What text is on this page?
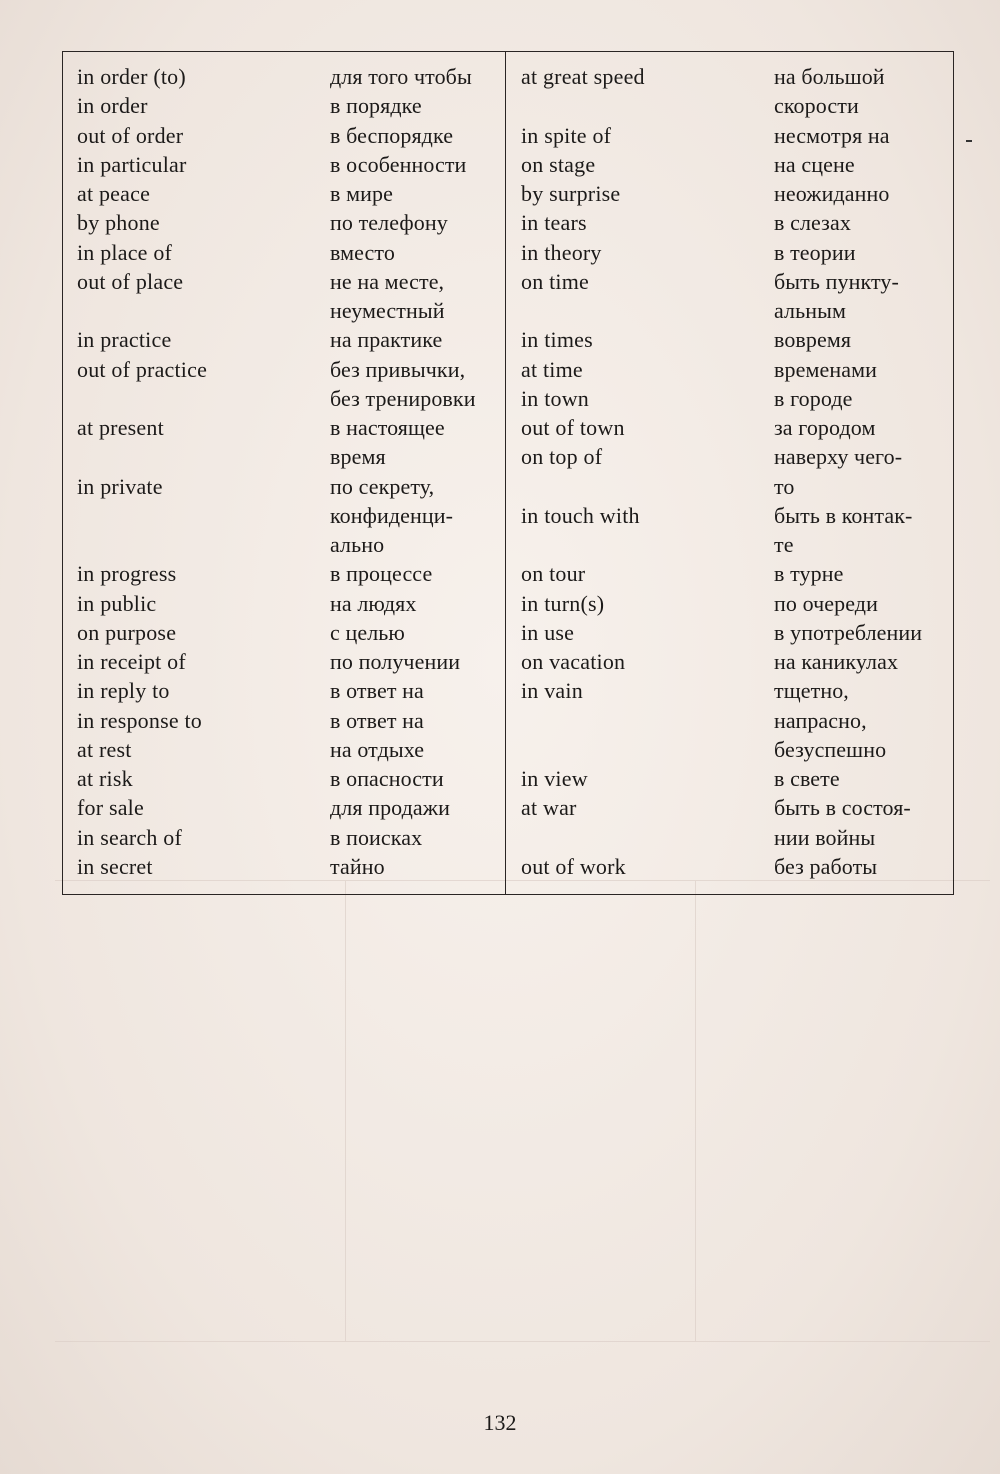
in order (to)	для того чтобы
in order	в порядке
out of order	в беспорядке
in particular	в особенности
at peace	в мире
by phone	по телефону
in place of	вместо
out of place	не на месте,
неуместный
in practice	на практике
out of practice	без привычки,
без тренировки
at present	в настоящее
время
in private	по секрету,
конфиденци-
ально
in progress	в процессе
in public	на людях
on purpose	с целью
in receipt of	по получении
in reply to	в ответ на
in response to	в ответ на
at rest	на отдыхе
at risk	в опасности
for sale	для продажи
in search of	в поисках
in secret	тайно
at great speed	на большой
скорости
in spite of	несмотря на
on stage	на сцене
by surprise	неожиданно
in tears	в слезах
in theory	в теории
on time	быть пункту-
альным
in times	вовремя
at time	временами
in town	в городе
out of town	за городом
on top of	наверху чего-
то
in touch with	быть в контак-
те
on tour	в турне
in turn(s)	по очереди
in use	в употреблении
on vacation	на каникулах
in vain	тщетно,
напрасно,
безуспешно
in view	в свете
at war	быть в состоя-
нии войны
out of work	без работы
132
